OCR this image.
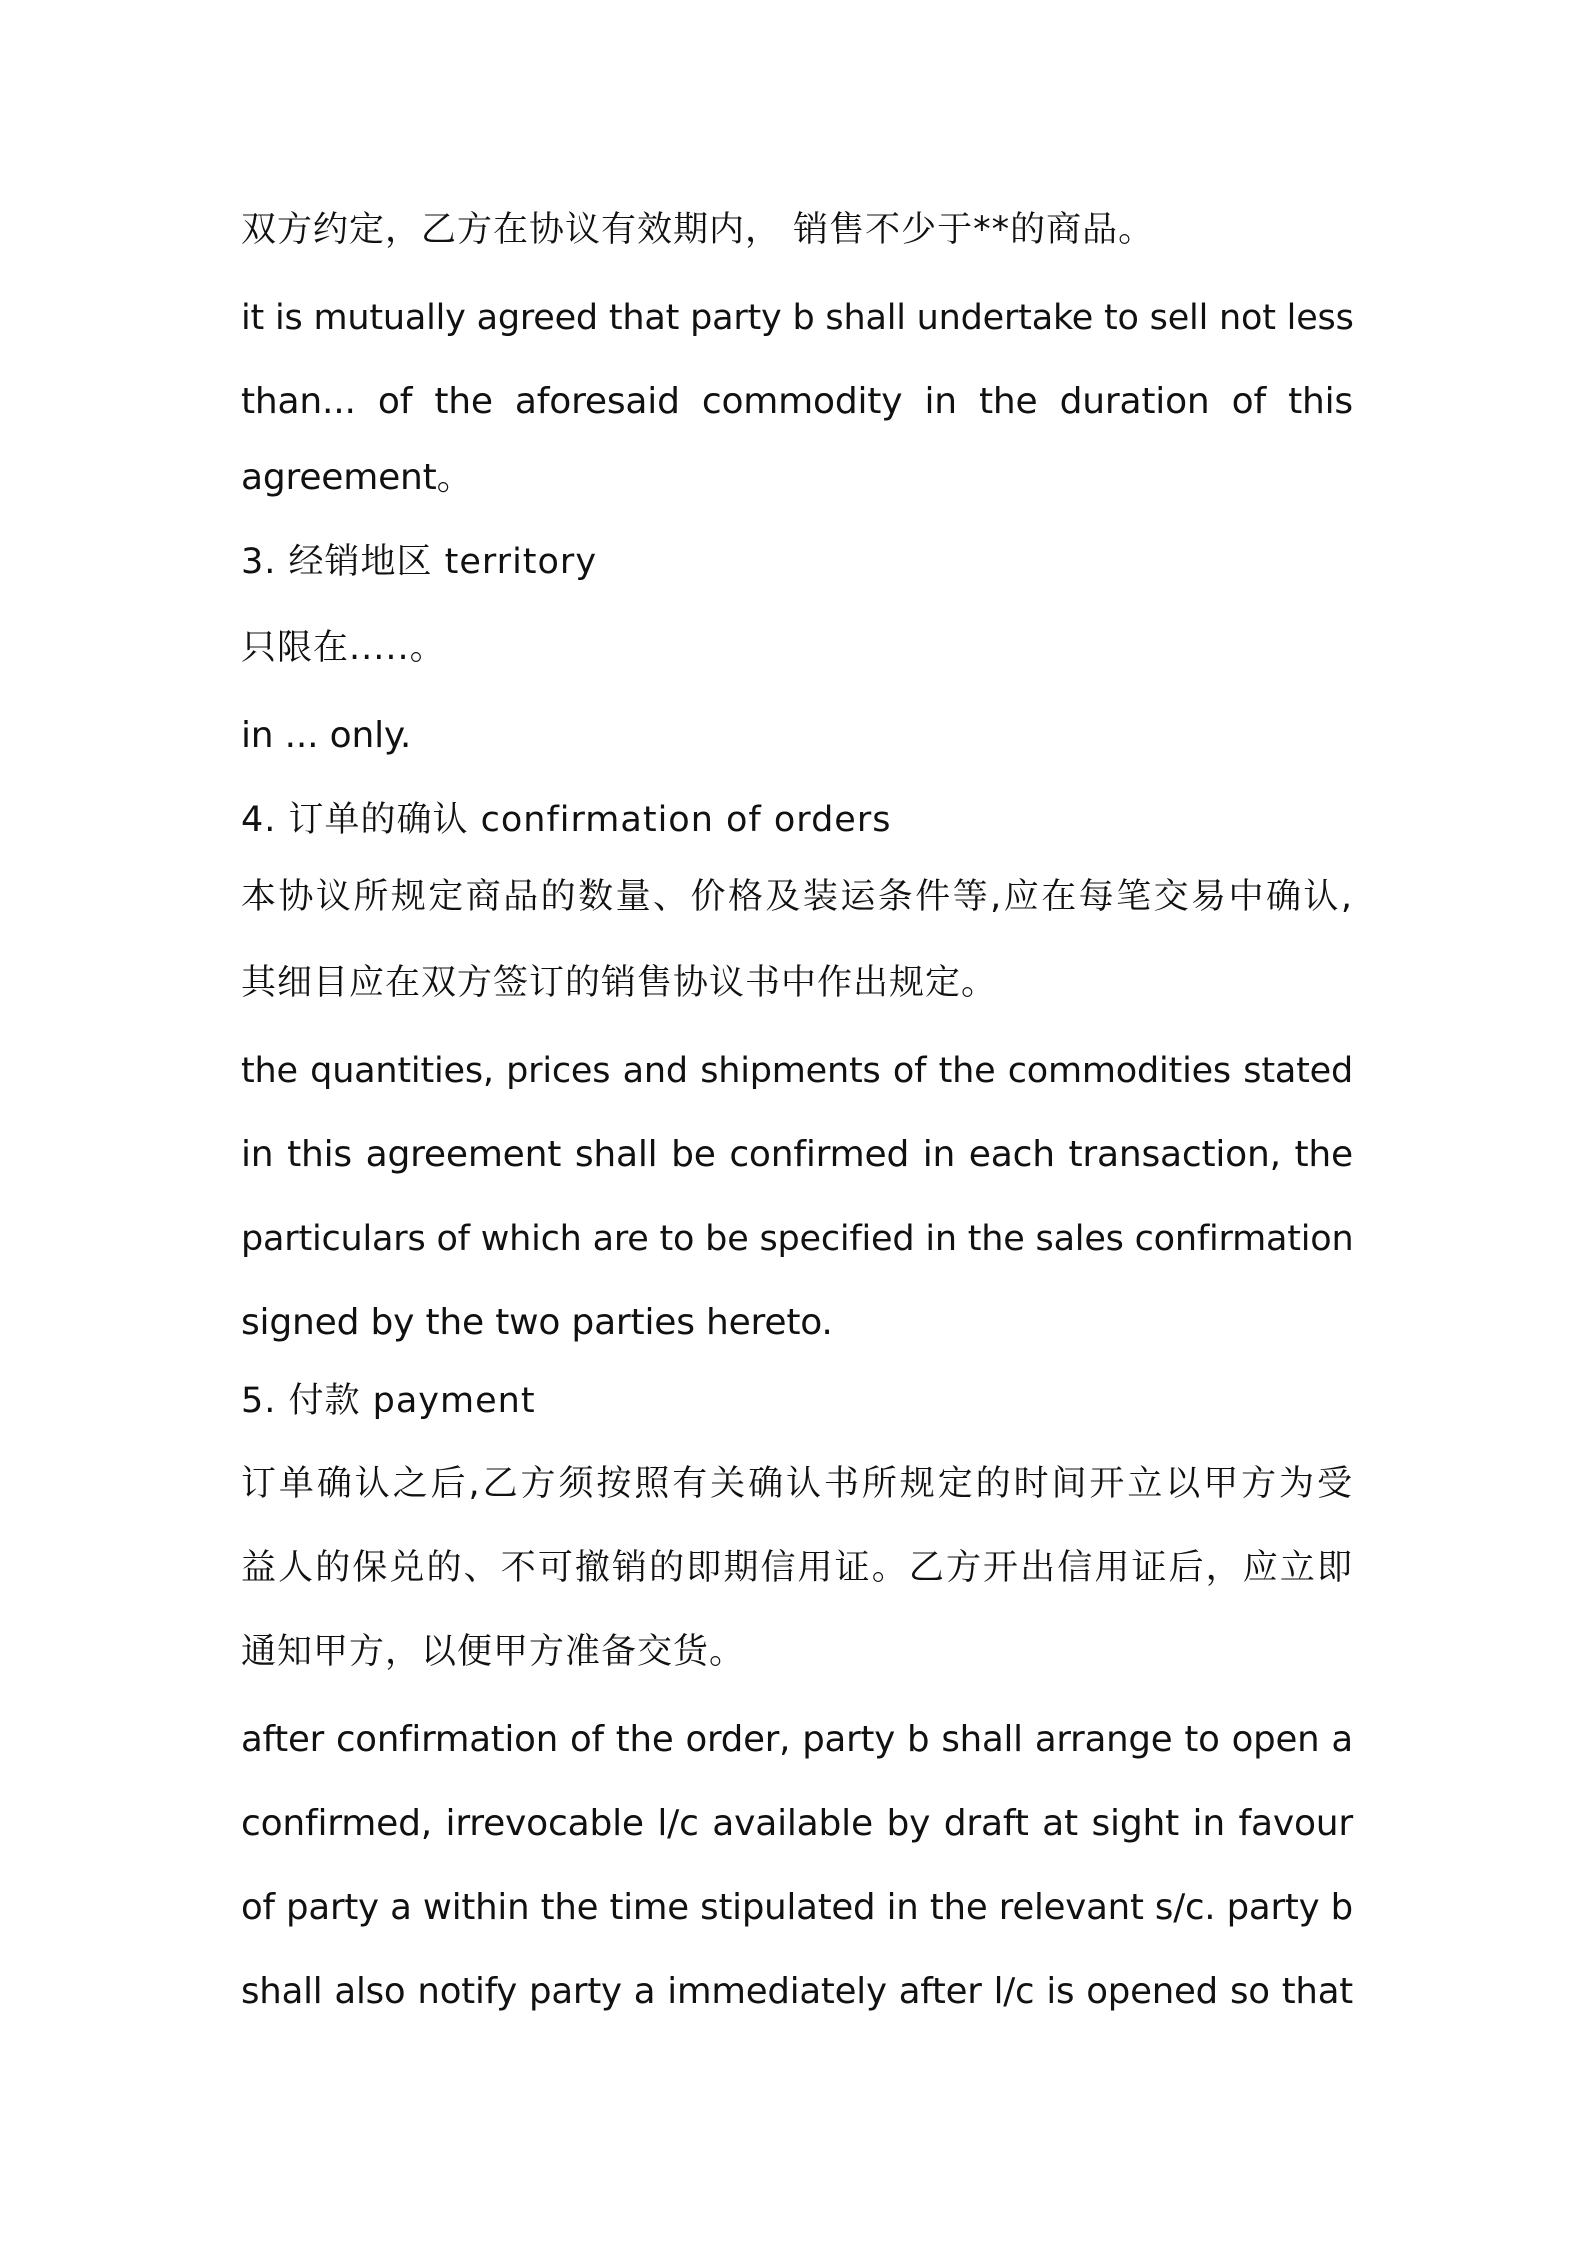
双方约定，乙方在协议有效期内， 销售不少于**的商品。
it is mutually agreed that party b shall undertake to sell not less
than... of the aforesaid commodity in the duration of this
agreement。
3. 经销地区 territory
只限在.....。
in ... only.
4. 订单的确认 confirmation of orders
本协议所规定商品的数量、价格及装运条件等,应在每笔交易中确认,
其细目应在双方签订的销售协议书中作出规定。
the quantities, prices and shipments of the commodities stated
in this agreement shall be confirmed in each transaction, the
particulars of which are to be specified in the sales confirmation
signed by the two parties hereto.
5. 付款 payment
订单确认之后,乙方须按照有关确认书所规定的时间开立以甲方为受
益人的保兑的、不可撤销的即期信用证。乙方开出信用证后，应立即
通知甲方，以便甲方准备交货。
after confirmation of the order, party b shall arrange to open a
confirmed, irrevocable l/c available by draft at sight in favour
of party a within the time stipulated in the relevant s/c. party b
shall also notify party a immediately after l/c is opened so that
